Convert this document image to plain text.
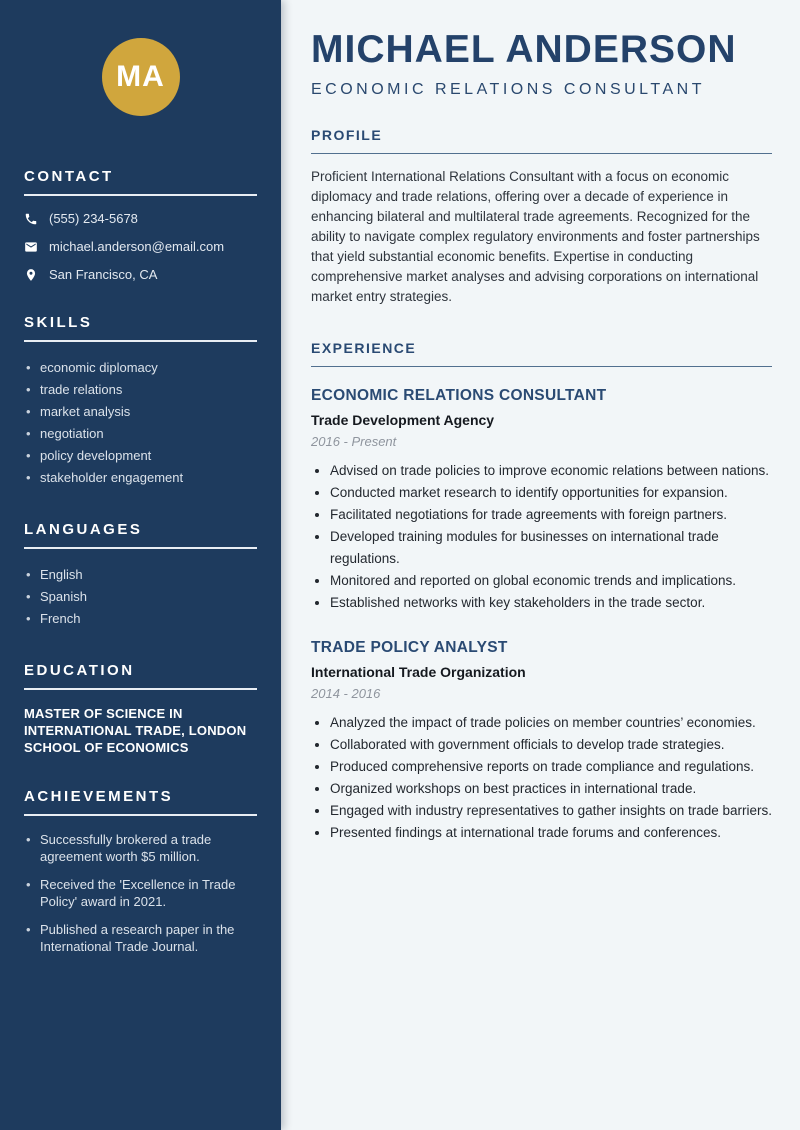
MA
CONTACT
(555) 234-5678
michael.anderson@email.com
San Francisco, CA
SKILLS
• economic diplomacy
• trade relations
• market analysis
• negotiation
• policy development
• stakeholder engagement
LANGUAGES
• English
• Spanish
• French
EDUCATION
MASTER OF SCIENCE IN INTERNATIONAL TRADE, LONDON SCHOOL OF ECONOMICS
ACHIEVEMENTS
• Successfully brokered a trade agreement worth $5 million.
• Received the 'Excellence in Trade Policy' award in 2021.
• Published a research paper in the International Trade Journal.
MICHAEL ANDERSON
ECONOMIC RELATIONS CONSULTANT
PROFILE

Proficient International Relations Consultant with a focus on economic diplomacy and trade relations, offering over a decade of experience in enhancing bilateral and multilateral trade agreements. Recognized for the ability to navigate complex regulatory environments and foster partnerships that yield substantial economic benefits. Expertise in conducting comprehensive market analyses and advising corporations on international market entry strategies.

EXPERIENCE
ECONOMIC RELATIONS CONSULTANT
Trade Development Agency
2016 - Present
• Advised on trade policies to improve economic relations between nations.
• Conducted market research to identify opportunities for expansion.
• Facilitated negotiations for trade agreements with foreign partners.
• Developed training modules for businesses on international trade regulations.
• Monitored and reported on global economic trends and implications.
• Established networks with key stakeholders in the trade sector.
TRADE POLICY ANALYST
International Trade Organization
2014 - 2016
• Analyzed the impact of trade policies on member countries’ economies.
• Collaborated with government officials to develop trade strategies.
• Produced comprehensive reports on trade compliance and regulations.
• Organized workshops on best practices in international trade.
• Engaged with industry representatives to gather insights on trade barriers.
• Presented findings at international trade forums and conferences.
